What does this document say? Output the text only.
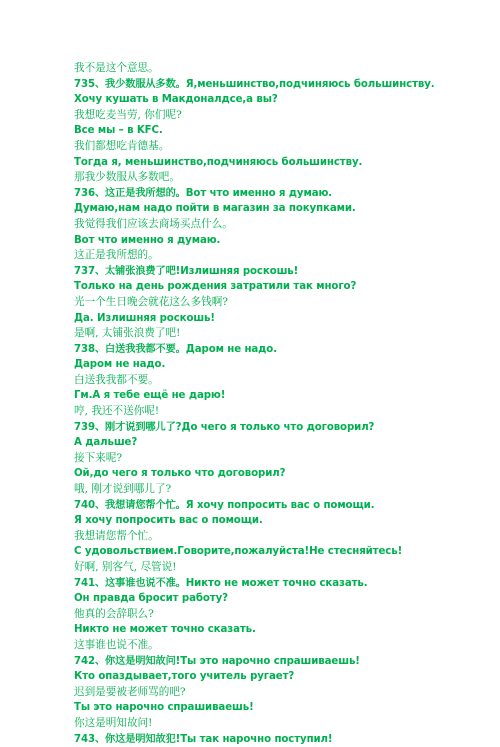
我不是这个意思。
735、我少数服从多数。Я,меньшинство,подчиняюсь большинству.
Хочу кушать в Макдоналдсе,а вы?
我想吃麦当劳, 你们呢?
Все мы – в KFC.
我们都想吃肯德基。
Тогда я, меньшинство,подчиняюсь большинству.
那我少数服从多数吧。
736、这正是我所想的。Вот что именно я думаю.
Думаю,нам надо пойти в магазин за покупками.
我觉得我们应该去商场买点什么。
Вот что именно я думаю.
这正是我所想的。
737、太铺张浪费了吧!Излишняя роскошь!
Только на день рождения затратили так много?
光一个生日晚会就花这么多钱啊?
Да. Излишняя роскошь!
是啊, 太铺张浪费了吧!
738、白送我我都不要。Даром не надо.
Даром не надо.
白送我我都不要。
Гм.А я тебе ещё не дарю!
哼, 我还不送你呢!
739、刚才说到哪儿了?До чего я только что договорил?
А дальше?
接下来呢?
Ой,до чего я только что договорил?
哦, 刚才说到哪儿了?
740、我想请您帮个忙。Я хочу попросить вас о помощи.
Я хочу попросить вас о помощи.
我想请您帮个忙。
С удовольствием.Говорите,пожалуйста!Не стесняйтесь!
好啊, 别客气, 尽管说!
741、这事谁也说不准。Никто не может точно сказать.
Он правда бросит работу?
他真的会辞职么?
Никто не может точно сказать.
这事谁也说不准。
742、你这是明知故问!Ты это нарочно спрашиваешь!
Кто опаздывает,того учитель ругает?
迟到是要被老师骂的吧?
Ты это нарочно спрашиваешь!
你这是明知故问!
743、你这是明知故犯!Ты так нарочно поступил!
